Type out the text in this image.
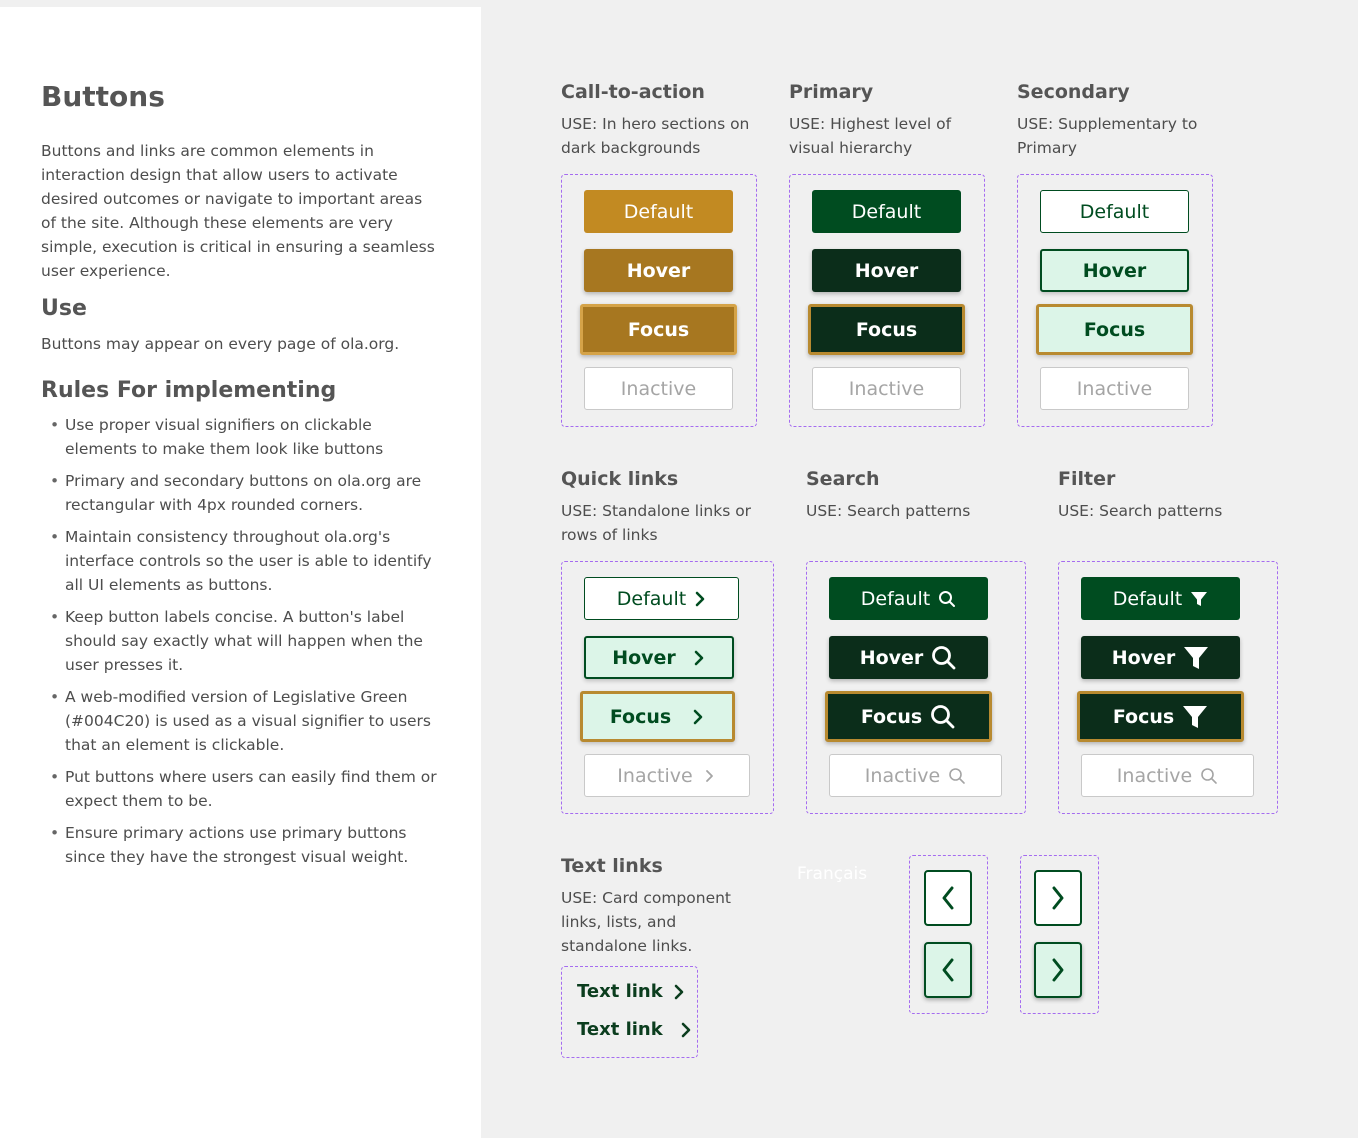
Buttons
Buttons and links are common elements in interaction design that allow users to activate desired outcomes or navigate to important areas of the site. Although these elements are very simple, execution is critical in ensuring a seamless user experience.
Use
Buttons may appear on every page of ola.org.
Rules For implementing
• Use proper visual signifiers on clickable elements to make them look like buttons
• Primary and secondary buttons on ola.org are rectangular with 4px rounded corners.
• Maintain consistency throughout ola.org's interface controls so the user is able to identify all UI elements as buttons.
• Keep button labels concise. A button's label should say exactly what will happen when the user presses it.
• A web-modified version of Legislative Green (#004C20) is used as a visual signifier to users that an element is clickable.
• Put buttons where users can easily find them or expect them to be.
• Ensure primary actions use primary buttons since they have the strongest visual weight.
Call-to-action
USE: In hero sections on dark backgrounds
Default
Hover
Focus
Inactive
Primary
USE: Highest level of visual hierarchy
Default
Hover
Focus
Inactive
Secondary
USE: Supplementary to Primary
Default
Hover
Focus
Inactive
Quick links
USE: Standalone links or rows of links
Default
Hover
Focus
Inactive
Search
USE: Search patterns
Default
Hover
Focus
Inactive
Filter
USE: Search patterns
Default
Hover
Focus
Inactive
Text links
USE: Card component links, lists, and standalone links.
Text link
Text link
Français
